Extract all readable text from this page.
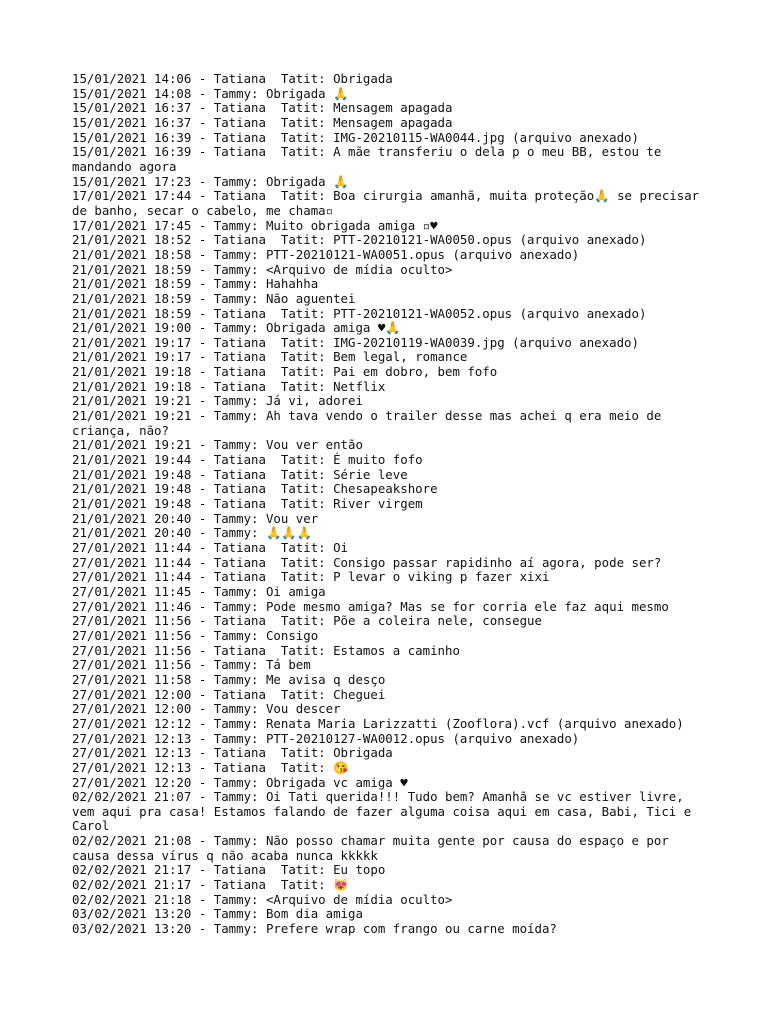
15/01/2021 14:06 - Tatiana  Tatit: Obrigada
15/01/2021 14:08 - Tammy: Obrigada 🙏
15/01/2021 16:37 - Tatiana  Tatit: Mensagem apagada
15/01/2021 16:37 - Tatiana  Tatit: Mensagem apagada
15/01/2021 16:39 - Tatiana  Tatit: IMG-20210115-WA0044.jpg (arquivo anexado)
15/01/2021 16:39 - Tatiana  Tatit: A mãe transferiu o dela p o meu BB, estou te mandando agora
15/01/2021 17:23 - Tammy: Obrigada 🙏
17/01/2021 17:44 - Tatiana  Tatit: Boa cirurgia amanhã, muita proteção🙏 se precisar de banho, secar o cabelo, me chama▫
17/01/2021 17:45 - Tammy: Muito obrigada amiga ▫♥
21/01/2021 18:52 - Tatiana  Tatit: PTT-20210121-WA0050.opus (arquivo anexado)
21/01/2021 18:58 - Tammy: PTT-20210121-WA0051.opus (arquivo anexado)
21/01/2021 18:59 - Tammy: <Arquivo de mídia oculto>
21/01/2021 18:59 - Tammy: Hahahha
21/01/2021 18:59 - Tammy: Não aguentei
21/01/2021 18:59 - Tatiana  Tatit: PTT-20210121-WA0052.opus (arquivo anexado)
21/01/2021 19:00 - Tammy: Obrigada amiga ♥🙏
21/01/2021 19:17 - Tatiana  Tatit: IMG-20210119-WA0039.jpg (arquivo anexado)
21/01/2021 19:17 - Tatiana  Tatit: Bem legal, romance
21/01/2021 19:18 - Tatiana  Tatit: Pai em dobro, bem fofo
21/01/2021 19:18 - Tatiana  Tatit: Netflix
21/01/2021 19:21 - Tammy: Já vi, adorei
21/01/2021 19:21 - Tammy: Ah tava vendo o trailer desse mas achei q era meio de criança, não?
21/01/2021 19:21 - Tammy: Vou ver então
21/01/2021 19:44 - Tatiana  Tatit: É muito fofo
21/01/2021 19:48 - Tatiana  Tatit: Série leve
21/01/2021 19:48 - Tatiana  Tatit: Chesapeakshore
21/01/2021 19:48 - Tatiana  Tatit: River virgem
21/01/2021 20:40 - Tammy: Vou ver
21/01/2021 20:40 - Tammy: 🙏🙏🙏
27/01/2021 11:44 - Tatiana  Tatit: Oi
27/01/2021 11:44 - Tatiana  Tatit: Consigo passar rapidinho aí agora, pode ser?
27/01/2021 11:44 - Tatiana  Tatit: P levar o viking p fazer xixi
27/01/2021 11:45 - Tammy: Oi amiga
27/01/2021 11:46 - Tammy: Pode mesmo amiga? Mas se for corria ele faz aqui mesmo
27/01/2021 11:56 - Tatiana  Tatit: Põe a coleira nele, consegue
27/01/2021 11:56 - Tammy: Consigo
27/01/2021 11:56 - Tatiana  Tatit: Estamos a caminho
27/01/2021 11:56 - Tammy: Tá bem
27/01/2021 11:58 - Tammy: Me avisa q desço
27/01/2021 12:00 - Tatiana  Tatit: Cheguei
27/01/2021 12:00 - Tammy: Vou descer
27/01/2021 12:12 - Tammy: Renata Maria Larizzatti (Zooflora).vcf (arquivo anexado)
27/01/2021 12:13 - Tammy: PTT-20210127-WA0012.opus (arquivo anexado)
27/01/2021 12:13 - Tatiana  Tatit: Obrigada
27/01/2021 12:13 - Tatiana  Tatit: 😘
27/01/2021 12:20 - Tammy: Obrigada vc amiga ♥
02/02/2021 21:07 - Tammy: Oi Tati querida!!! Tudo bem? Amanhã se vc estiver livre, vem aqui pra casa! Estamos falando de fazer alguma coisa aqui em casa, Babi, Tici e Carol
02/02/2021 21:08 - Tammy: Não posso chamar muita gente por causa do espaço e por causa dessa vírus q não acaba nunca kkkkk
02/02/2021 21:17 - Tatiana  Tatit: Eu topo
02/02/2021 21:17 - Tatiana  Tatit: 😻
02/02/2021 21:18 - Tammy: <Arquivo de mídia oculto>
03/02/2021 13:20 - Tammy: Bom dia amiga
03/02/2021 13:20 - Tammy: Prefere wrap com frango ou carne moída?
